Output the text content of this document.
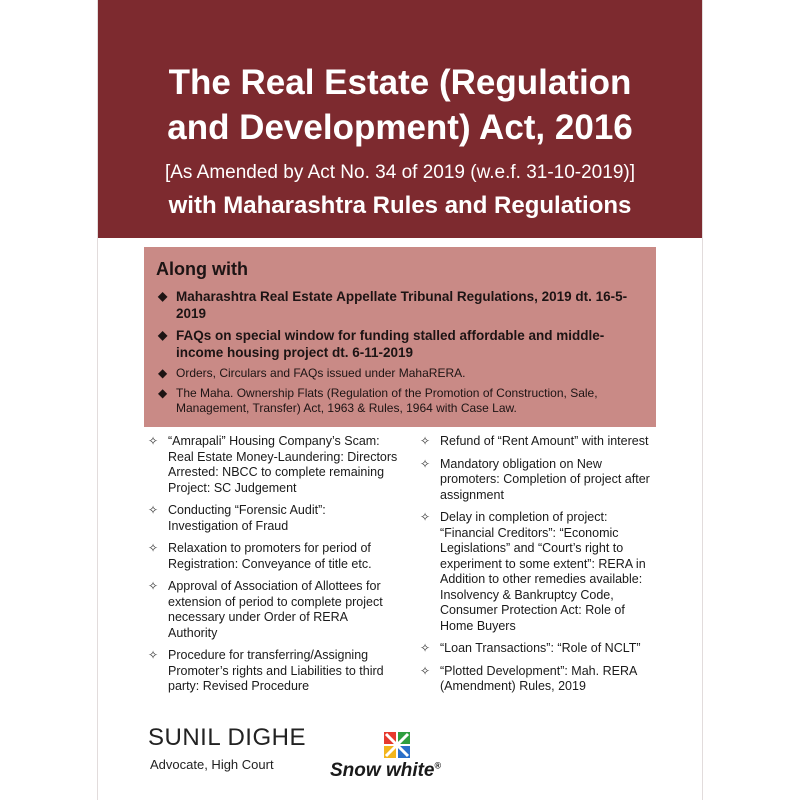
The Real Estate (Regulation
and Development) Act, 2016
[As Amended by Act No. 34 of 2019 (w.e.f. 31-10-2019)]
with Maharashtra Rules and Regulations
Along with
◆ Maharashtra Real Estate Appellate Tribunal Regulations, 2019 dt. 16-5-2019
◆ FAQs on special window for funding stalled affordable and middle-income housing project dt. 6-11-2019
◆ Orders, Circulars and FAQs issued under MahaRERA.
◆ The Maha. Ownership Flats (Regulation of the Promotion of Construction, Sale, Management, Transfer) Act, 1963 & Rules, 1964 with Case Law.
✧ “Amrapali” Housing Company’s Scam: Real Estate Money-Laundering: Directors Arrested: NBCC to complete remaining Project: SC Judgement
✧ Conducting “Forensic Audit”: Investigation of Fraud
✧ Relaxation to promoters for period of Registration: Conveyance of title etc.
✧ Approval of Association of Allottees for extension of period to complete project necessary under Order of RERA Authority
✧ Procedure for transferring/Assigning Promoter’s rights and Liabilities to third party: Revised Procedure
✧ Refund of “Rent Amount” with interest
✧ Mandatory obligation on New promoters: Completion of project after assignment
✧ Delay in completion of project: “Financial Creditors”: “Economic Legislations” and “Court’s right to experiment to some extent”: RERA in Addition to other remedies available: Insolvency & Bankruptcy Code, Consumer Protection Act: Role of Home Buyers
✧ “Loan Transactions”: “Role of NCLT”
✧ “Plotted Development”: Mah. RERA (Amendment) Rules, 2019
SUNIL DIGHE
Advocate, High Court	Snow white®
